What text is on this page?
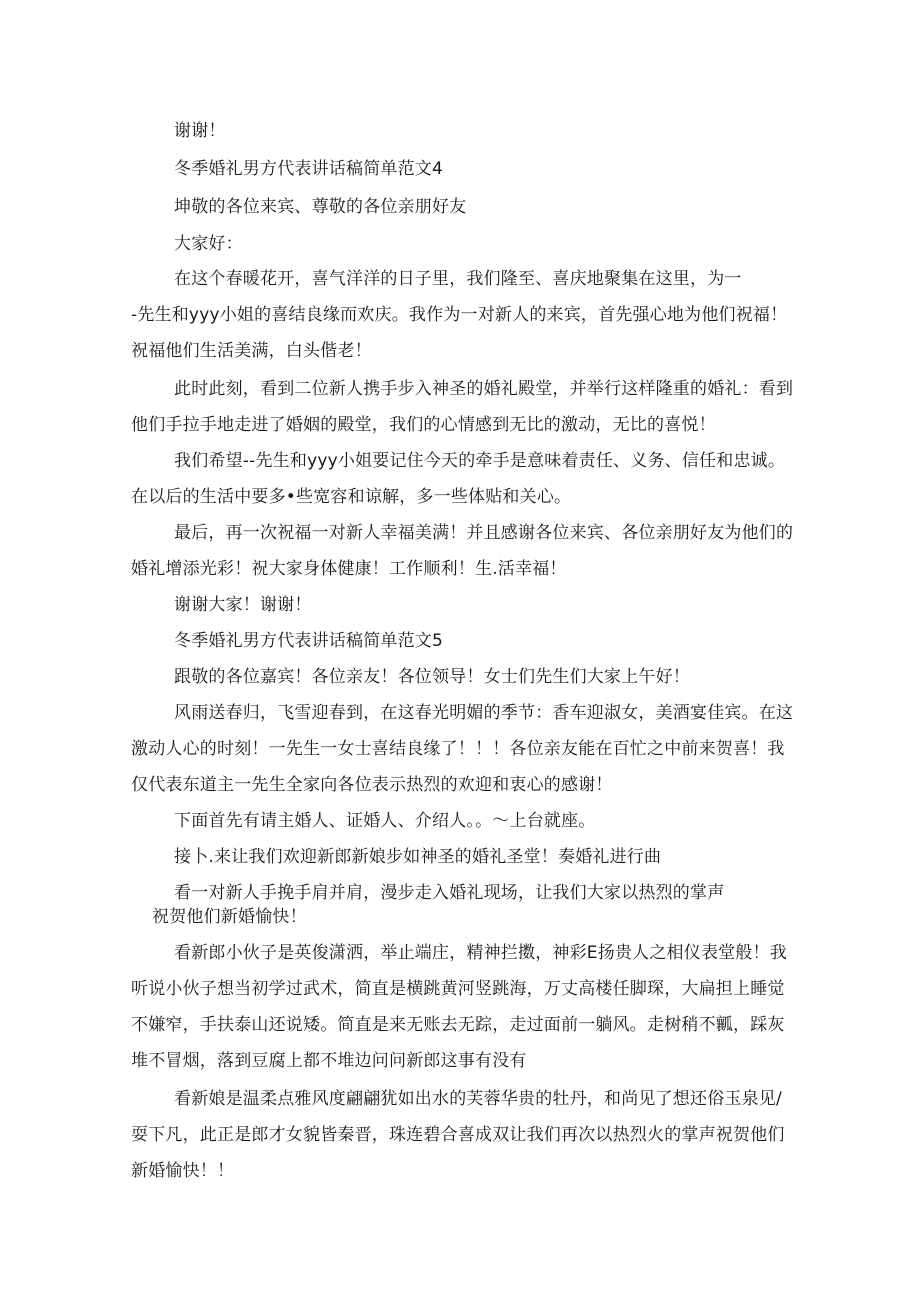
谢谢！
冬季婚礼男方代表讲话稿简单范文4
坤敬的各位来宾、尊敬的各位亲朋好友
大家好：
在这个春暖花开，喜气洋洋的日子里，我们隆至、喜庆地聚集在这里，为一
-先生和yyy小姐的喜结良缘而欢庆。我作为一对新人的来宾，首先强心地为他们祝福！
祝福他们生活美满，白头偕老！
此时此刻，看到二位新人携手步入神圣的婚礼殿堂，并举行这样隆重的婚礼：看到
他们手拉手地走进了婚姻的殿堂，我们的心情感到无比的激动，无比的喜悦！
我们希望--先生和yyy小姐要记住今天的牵手是意味着责任、义务、信任和忠诚。
在以后的生活中要多•些宽容和谅解，多一些体贴和关心。
最后，再一次祝福一对新人幸福美满！并且感谢各位来宾、各位亲朋好友为他们的
婚礼增添光彩！祝大家身体健康！工作顺利！生.活幸福！
谢谢大家！谢谢！
冬季婚礼男方代表讲话稿简单范文5
跟敬的各位嘉宾！各位亲友！各位领导！女士们先生们大家上午好！
风雨送春归，飞雪迎春到，在这春光明媚的季节：香车迎淑女，美酒宴佳宾。在这
激动人心的时刻！一先生一女士喜结良缘了！！！各位亲友能在百忙之中前来贺喜！我
仅代表东道主一先生全家向各位表示热烈的欢迎和衷心的感谢！
下面首先有请主婚人、证婚人、介绍人。。～上台就座。
接卜.来让我们欢迎新郎新娘步如神圣的婚礼圣堂！奏婚礼进行曲
看一对新人手挽手肩并肩，漫步走入婚礼现场，让我们大家以热烈的掌声
祝贺他们新婚愉快！
看新郎小伙子是英俊潇洒，举止端庄，精神拦擞，神彩E扬贵人之相仪表堂般！我
听说小伙子想当初学过武术，简直是横跳黄河竖跳海，万丈高楼任脚琛，大扁担上睡觉
不嫌窄，手扶泰山还说矮。简直是来无账去无踪，走过面前一躺风。走树稍不瓤，踩灰
堆不冒烟，落到豆腐上都不堆边问问新郎这事有没有
看新娘是温柔点雅风度翩翩犹如出水的芙蓉华贵的牡丹，和尚见了想还俗玉泉见/
耍下凡，此正是郎才女貌皆秦晋，珠连碧合喜成双让我们再次以热烈火的掌声祝贺他们
新婚愉快！！
